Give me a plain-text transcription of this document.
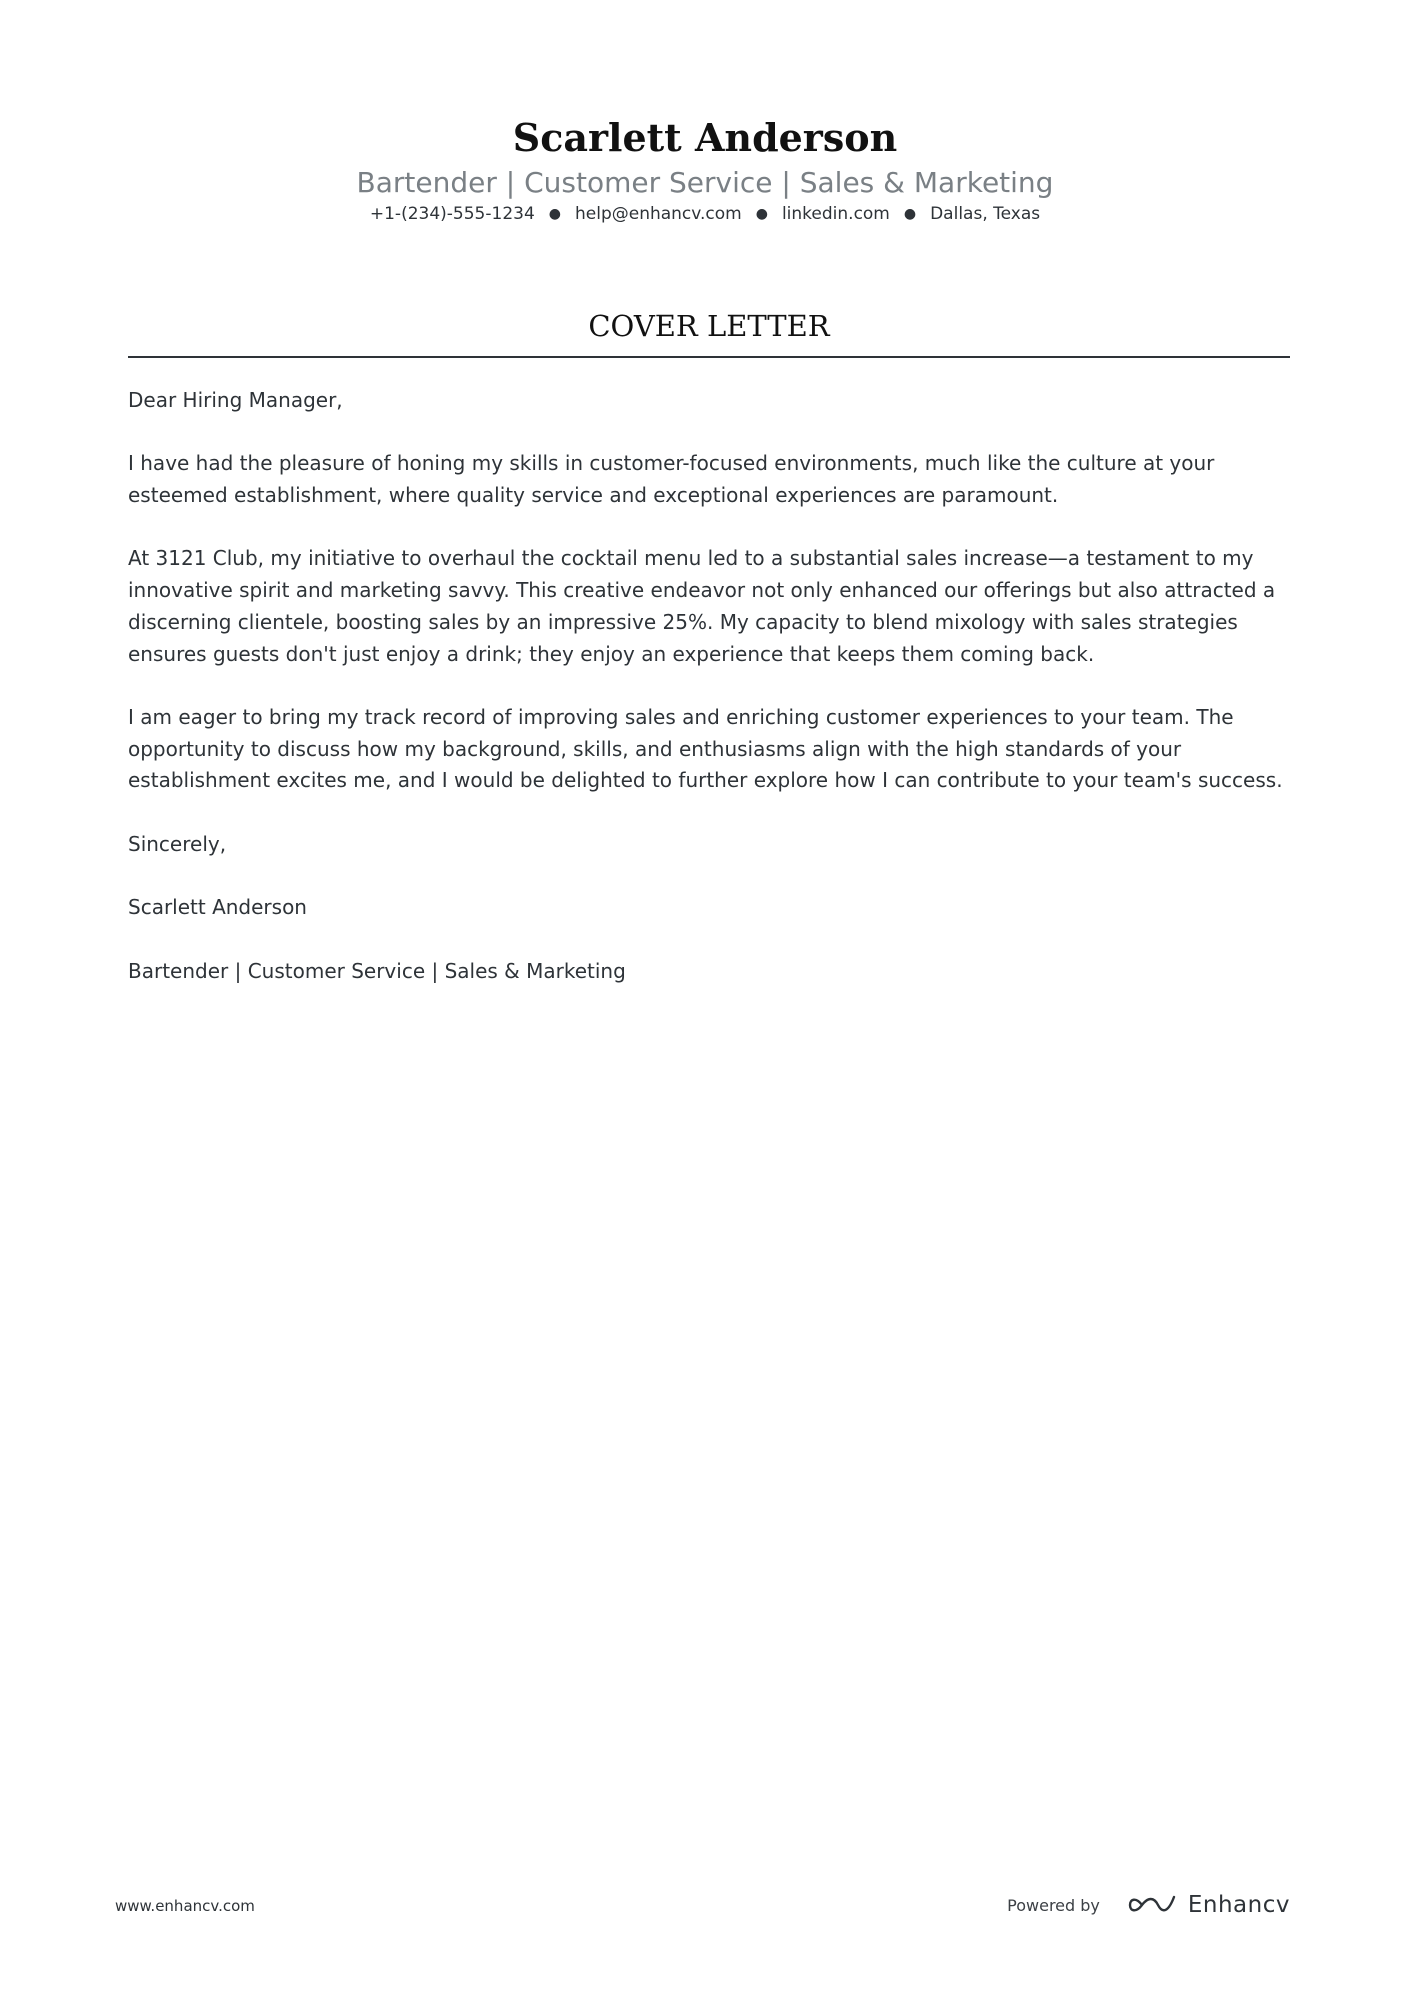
Scarlett Anderson
Bartender | Customer Service | Sales & Marketing
+1-(234)-555-1234 ● help@enhancv.com ● linkedin.com ● Dallas, Texas
COVER LETTER

Dear Hiring Manager,

I have had the pleasure of honing my skills in customer-focused environments, much like the culture at your esteemed establishment, where quality service and exceptional experiences are paramount.

At 3121 Club, my initiative to overhaul the cocktail menu led to a substantial sales increase—a testament to my innovative spirit and marketing savvy. This creative endeavor not only enhanced our offerings but also attracted a discerning clientele, boosting sales by an impressive 25%. My capacity to blend mixology with sales strategies ensures guests don't just enjoy a drink; they enjoy an experience that keeps them coming back.

I am eager to bring my track record of improving sales and enriching customer experiences to your team. The opportunity to discuss how my background, skills, and enthusiasms align with the high standards of your establishment excites me, and I would be delighted to further explore how I can contribute to your team's success.

Sincerely,

Scarlett Anderson

Bartender | Customer Service | Sales & Marketing

www.enhancv.com	Powered by	Enhancv
